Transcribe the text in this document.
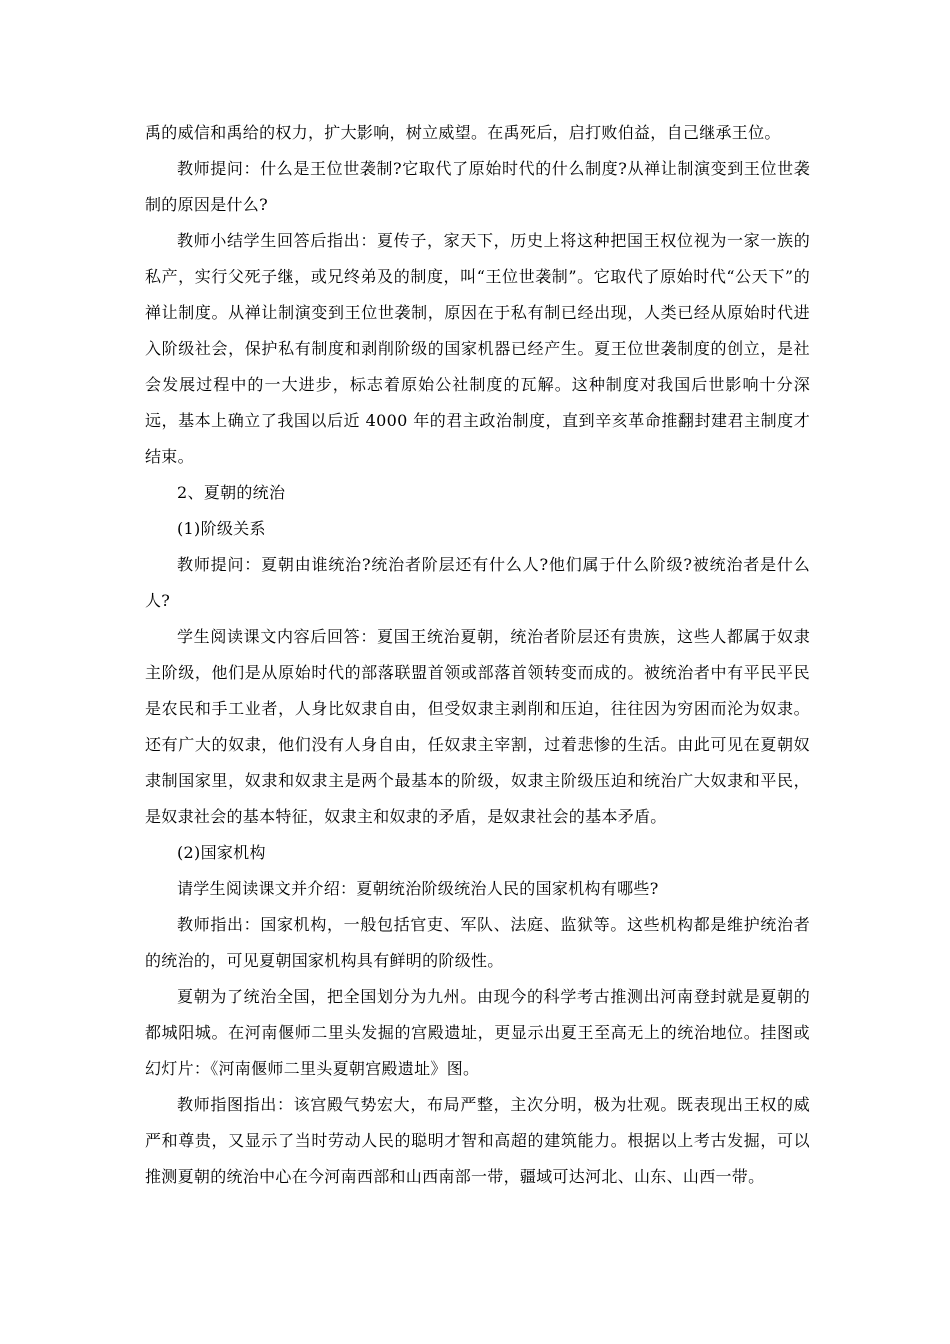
禹的威信和禹给的权力，扩大影响，树立威望。在禹死后，启打败伯益，自己继承王位。

教师提问：什么是王位世袭制?它取代了原始时代的什么制度?从禅让制演变到王位世袭制的原因是什么?

教师小结学生回答后指出：夏传子，家天下，历史上将这种把国王权位视为一家一族的私产，实行父死子继，或兄终弟及的制度，叫“王位世袭制”。它取代了原始时代“公天下”的禅让制度。从禅让制演变到王位世袭制，原因在于私有制已经出现，人类已经从原始时代进入阶级社会，保护私有制度和剥削阶级的国家机器已经产生。夏王位世袭制度的创立，是社会发展过程中的一大进步，标志着原始公社制度的瓦解。这种制度对我国后世影响十分深远，基本上确立了我国以后近 4000 年的君主政治制度，直到辛亥革命推翻封建君主制度才结束。

2、夏朝的统治

(1)阶级关系

教师提问：夏朝由谁统治?统治者阶层还有什么人?他们属于什么阶级?被统治者是什么人?

学生阅读课文内容后回答：夏国王统治夏朝，统治者阶层还有贵族，这些人都属于奴隶主阶级，他们是从原始时代的部落联盟首领或部落首领转变而成的。被统治者中有平民平民是农民和手工业者，人身比奴隶自由，但受奴隶主剥削和压迫，往往因为穷困而沦为奴隶。还有广大的奴隶，他们没有人身自由，任奴隶主宰割，过着悲惨的生活。由此可见在夏朝奴隶制国家里，奴隶和奴隶主是两个最基本的阶级，奴隶主阶级压迫和统治广大奴隶和平民，是奴隶社会的基本特征，奴隶主和奴隶的矛盾，是奴隶社会的基本矛盾。

(2)国家机构

请学生阅读课文并介绍：夏朝统治阶级统治人民的国家机构有哪些?

教师指出：国家机构，一般包括官吏、军队、法庭、监狱等。这些机构都是维护统治者的统治的，可见夏朝国家机构具有鲜明的阶级性。

夏朝为了统治全国，把全国划分为九州。由现今的科学考古推测出河南登封就是夏朝的都城阳城。在河南偃师二里头发掘的宫殿遗址，更显示出夏王至高无上的统治地位。挂图或幻灯片：《河南偃师二里头夏朝宫殿遗址》图。

教师指图指出：该宫殿气势宏大，布局严整，主次分明，极为壮观。既表现出王权的威严和尊贵，又显示了当时劳动人民的聪明才智和高超的建筑能力。根据以上考古发掘，可以推测夏朝的统治中心在今河南西部和山西南部一带，疆域可达河北、山东、山西一带。
